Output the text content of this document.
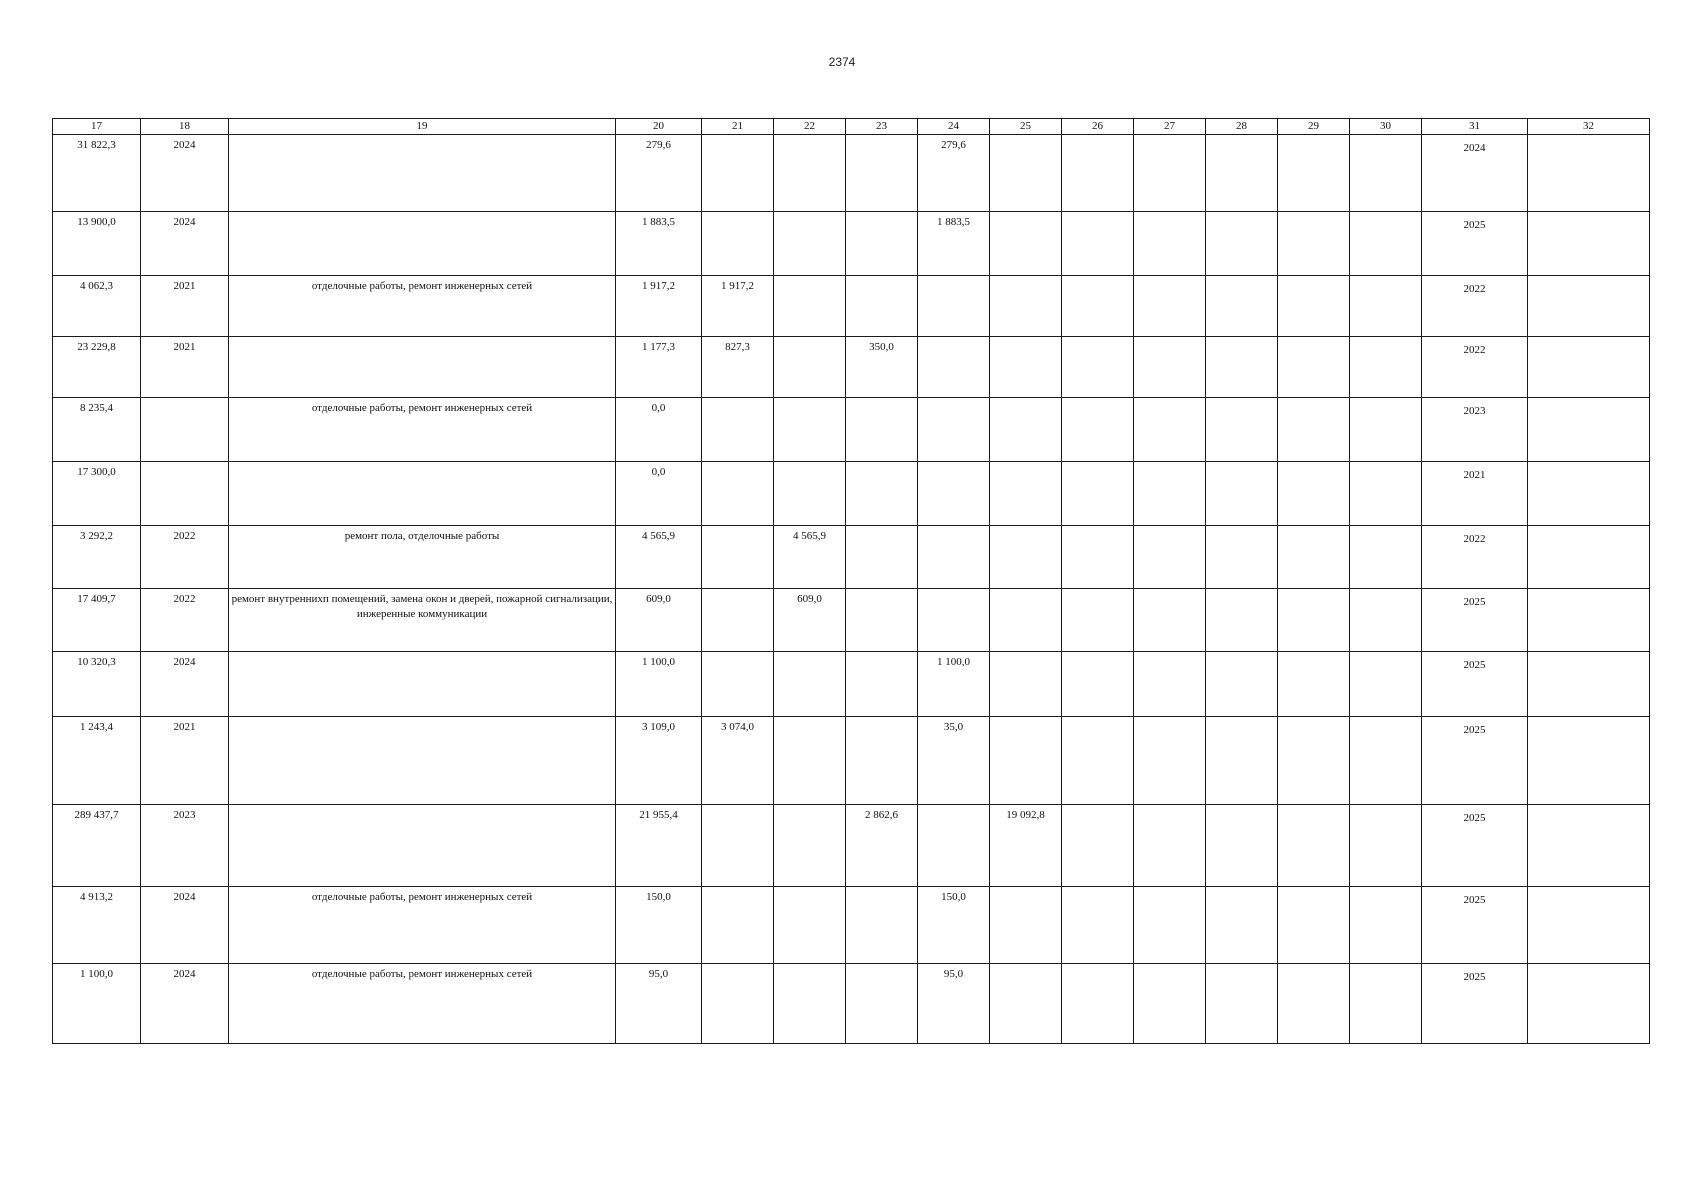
2374
17	18	19	20	21	22	23	24	25	26	27	28	29	30	31	32

31 822,3	2024		279,6				279,6							2024	

13 900,0	2024		1 883,5				1 883,5							2025	

4 062,3	2021	отделочные работы, ремонт инженерных сетей	1 917,2	1 917,2										2022	

23 229,8	2021		1 177,3	827,3		350,0								2022	

8 235,4		отделочные работы, ремонт инженерных сетей	0,0											2023	

17 300,0			0,0											2021	

3 292,2	2022	ремонт пола, отделочные работы	4 565,9		4 565,9									2022	

17 409,7	2022	ремонт внутреннихп помещений, замена окон и дверей, пожарной сигнализации, инжеренные коммуникации	609,0		609,0									2025	

10 320,3	2024		1 100,0				1 100,0							2025	

1 243,4	2021		3 109,0	3 074,0			35,0							2025	

289 437,7	2023		21 955,4			2 862,6		19 092,8						2025	

4 913,2	2024	отделочные работы, ремонт инженерных сетей	150,0				150,0							2025	

1 100,0	2024	отделочные работы, ремонт инженерных сетей	95,0				95,0							2025	
